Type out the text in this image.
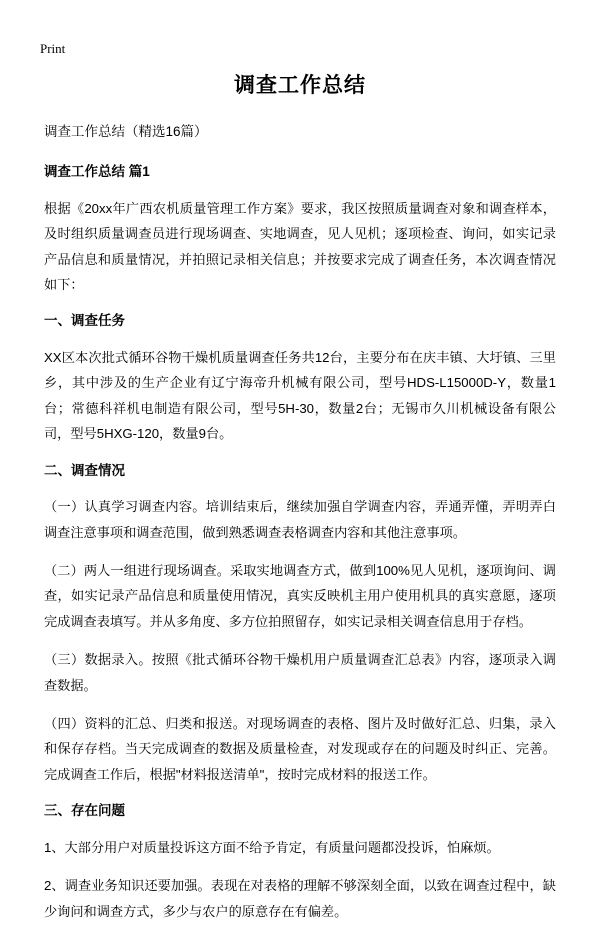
Print
调查工作总结
调查工作总结（精选16篇）
调查工作总结 篇1

根据《20xx年广西农机质量管理工作方案》要求，我区按照质量调查对象和调查样本，及时组织质量调查员进行现场调查、实地调查，见人见机；逐项检查、询问，如实记录产品信息和质量情况，并拍照记录相关信息；并按要求完成了调查任务，本次调查情况如下：

一、调查任务

XX区本次批式循环谷物干燥机质量调查任务共12台，主要分布在庆丰镇、大圩镇、三里乡，其中涉及的生产企业有辽宁海帝升机械有限公司，型号HDS-L15000D-Y，数量1台；常德科祥机电制造有限公司，型号5H-30，数量2台；无锡市久川机械设备有限公司，型号5HXG-120，数量9台。

二、调查情况

（一）认真学习调查内容。培训结束后，继续加强自学调查内容，弄通弄懂，弄明弄白调查注意事项和调查范围，做到熟悉调查表格调查内容和其他注意事项。

（二）两人一组进行现场调查。采取实地调查方式，做到100%见人见机，逐项询问、调查，如实记录产品信息和质量使用情况，真实反映机主用户使用机具的真实意愿，逐项完成调查表填写。并从多角度、多方位拍照留存，如实记录相关调查信息用于存档。

（三）数据录入。按照《批式循环谷物干燥机用户质量调查汇总表》内容，逐项录入调查数据。

（四）资料的汇总、归类和报送。对现场调查的表格、图片及时做好汇总、归集，录入和保存存档。当天完成调查的数据及质量检查，对发现或存在的问题及时纠正、完善。完成调查工作后，根据"材料报送清单"，按时完成材料的报送工作。

三、存在问题

1、大部分用户对质量投诉这方面不给予肯定，有质量问题都没投诉，怕麻烦。

2、调查业务知识还要加强。表现在对表格的理解不够深刻全面，以致在调查过程中，缺少询问和调查方式，多少与农户的原意存在有偏差。
